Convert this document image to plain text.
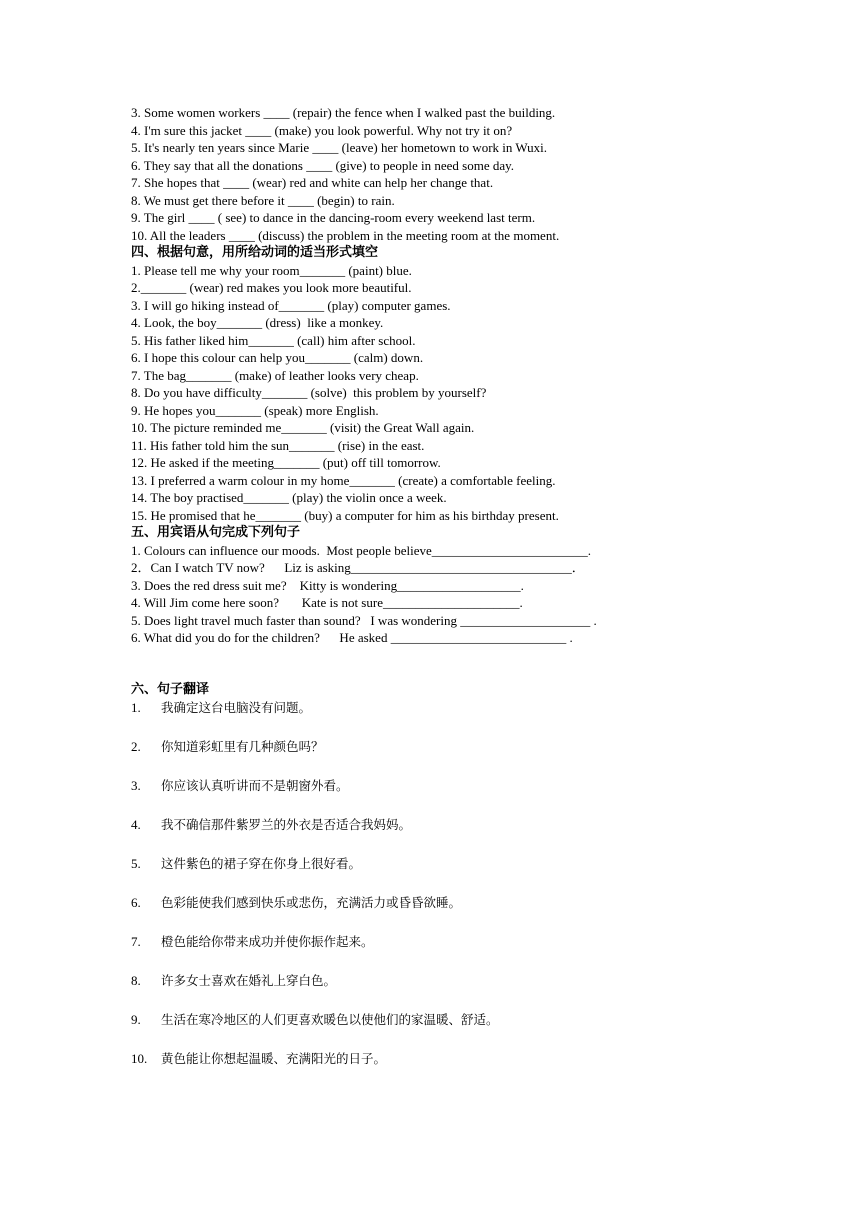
3. Some women workers ____ (repair) the fence when I walked past the building.

4. I'm sure this jacket ____ (make) you look powerful. Why not try it on?

5. It's nearly ten years since Marie ____ (leave) her hometown to work in Wuxi.

6. They say that all the donations ____ (give) to people in need some day.

7. She hopes that ____ (wear) red and white can help her change that.

8. We must get there before it ____ (begin) to rain.

9. The girl ____ ( see) to dance in the dancing-room every weekend last term.

10. All the leaders ____ (discuss) the problem in the meeting room at the moment.

四、根据句意，用所给动词的适当形式填空

1. Please tell me why your room_______ (paint) blue.

2._______ (wear) red makes you look more beautiful.

3. I will go hiking instead of_______ (play) computer games.

4. Look, the boy_______ (dress)  like a monkey.

5. His father liked him_______ (call) him after school.

6. I hope this colour can help you_______ (calm) down.

7. The bag_______ (make) of leather looks very cheap.

8. Do you have difficulty_______ (solve)  this problem by yourself?

9. He hopes you_______ (speak) more English.

10. The picture reminded me_______ (visit) the Great Wall again.

11. His father told him the sun_______ (rise) in the east.

12. He asked if the meeting_______ (put) off till tomorrow.

13. I preferred a warm colour in my home_______ (create) a comfortable feeling.

14. The boy practised_______ (play) the violin once a week.

15. He promised that he_______ (buy) a computer for him as his birthday present.

五、用宾语从句完成下列句子

1. Colours can influence our moods.  Most people believe________________________.

2．Can I watch TV now?      Liz is asking__________________________________．

3. Does the red dress suit me?    Kitty is wondering___________________.

4. Will Jim come here soon?       Kate is not sure_____________________.

5. Does light travel much faster than sound?   I was wondering ____________________ .

6. What did you do for the children?      He asked ___________________________ .

六、句子翻译

1.	我确定这台电脑没有问题。
2.	你知道彩虹里有几种颜色吗？
3.	你应该认真听讲而不是朝窗外看。
4.	我不确信那件紫罗兰的外衣是否适合我妈妈。
5.	这件紫色的裙子穿在你身上很好看。
6.	色彩能使我们感到快乐或悲伤，充满活力或昏昏欲睡。
7.	橙色能给你带来成功并使你振作起来。
8.	许多女士喜欢在婚礼上穿白色。
9.	生活在寒冷地区的人们更喜欢暖色以使他们的家温暖、舒适。
10.	黄色能让你想起温暖、充满阳光的日子。
